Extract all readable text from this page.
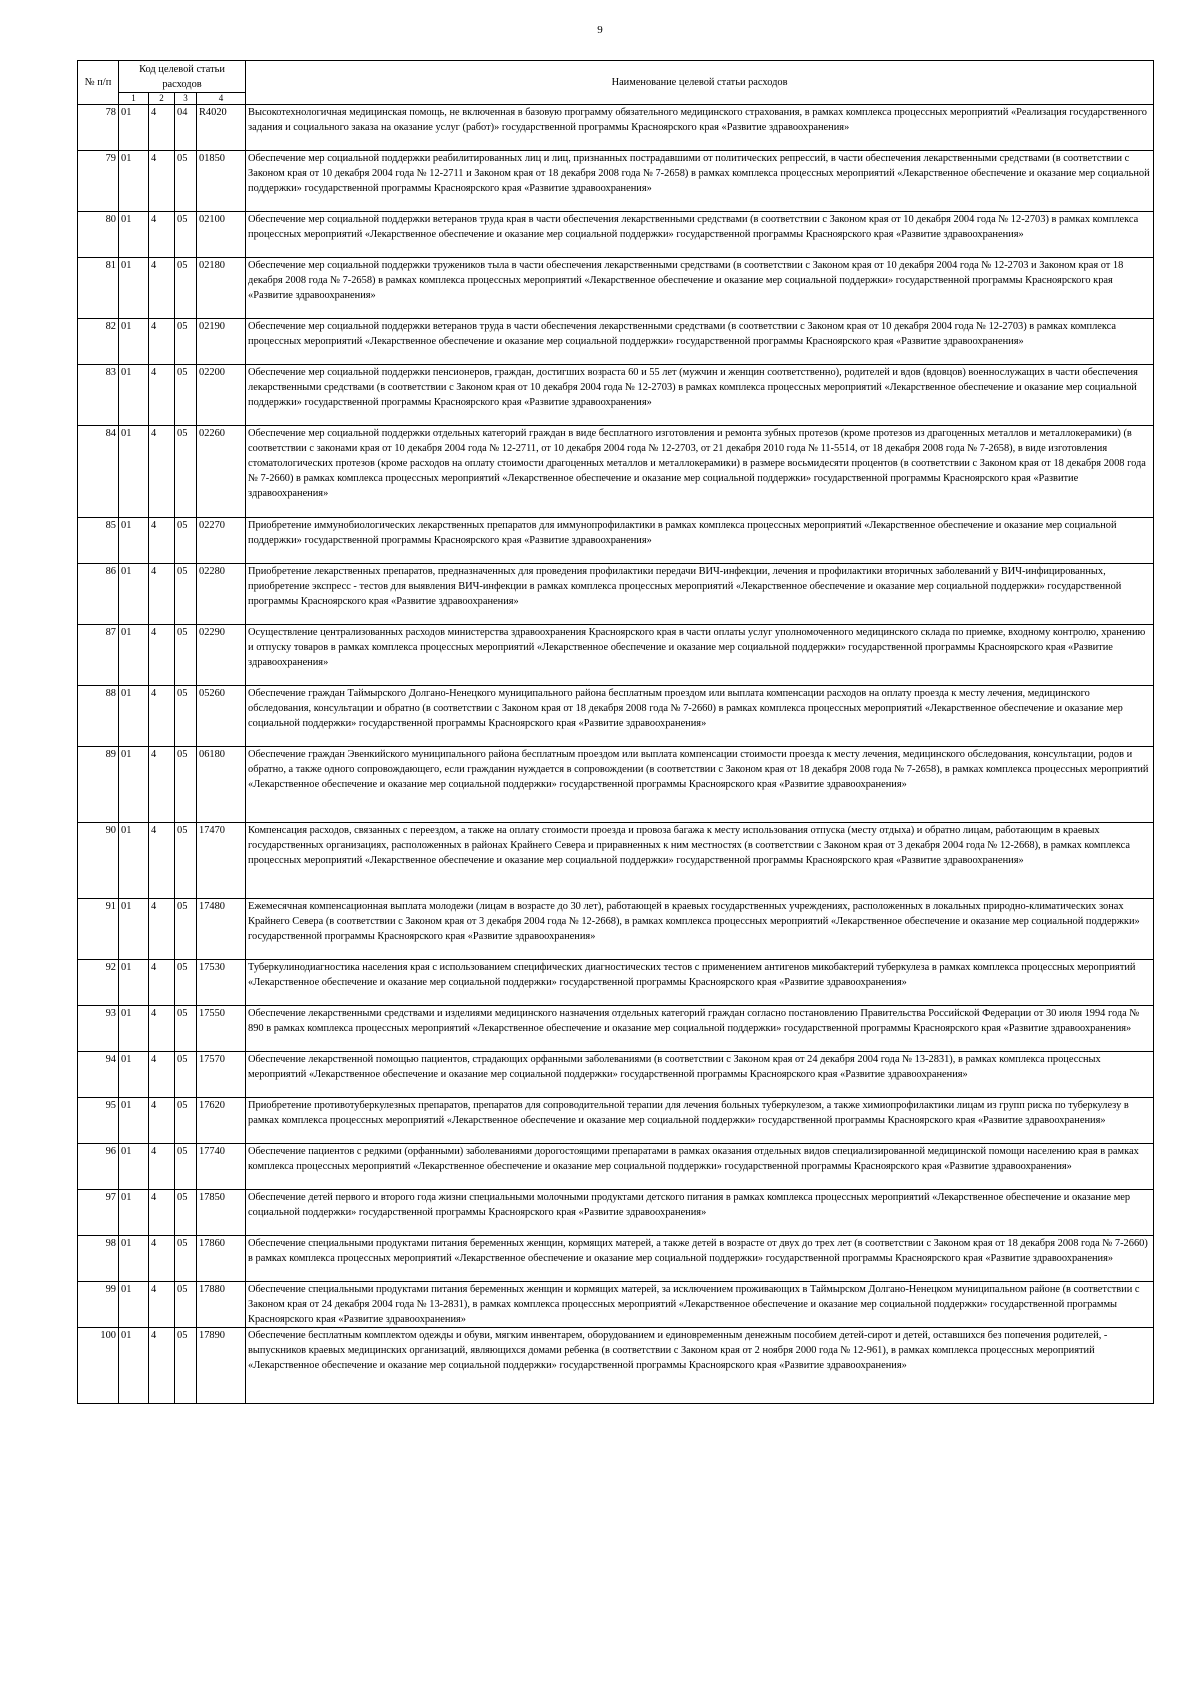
9
№ п/п	Код целевой статьи расходов				Наименование целевой статьи расходов
	1	2	3	4	
78	01	4	04	R4020	Высокотехнологичная медицинская помощь, не включенная в базовую программу обязательного медицинского страхования, в рамках комплекса процессных мероприятий «Реализация государственного задания и социального заказа на оказание услуг (работ)» государственной программы Красноярского края «Развитие здравоохранения»
79	01	4	05	01850	Обеспечение мер социальной поддержки реабилитированных лиц и лиц, признанных пострадавшими от политических репрессий, в части обеспечения лекарственными средствами (в соответствии с Законом края от 10 декабря 2004 года № 12-2711 и Законом края от 18 декабря 2008 года № 7-2658) в рамках комплекса процессных мероприятий «Лекарственное обеспечение и оказание мер социальной поддержки» государственной программы Красноярского края «Развитие здравоохранения»
80	01	4	05	02100	Обеспечение мер социальной поддержки ветеранов труда края в части обеспечения лекарственными средствами (в соответствии с Законом края от 10 декабря 2004 года № 12-2703) в рамках комплекса процессных мероприятий «Лекарственное обеспечение и оказание мер социальной поддержки» государственной программы Красноярского края «Развитие здравоохранения»
81	01	4	05	02180	Обеспечение мер социальной поддержки тружеников тыла в части обеспечения лекарственными средствами (в соответствии с Законом края от 10 декабря 2004 года № 12-2703 и Законом края от 18 декабря 2008 года № 7-2658) в рамках комплекса процессных мероприятий «Лекарственное обеспечение и оказание мер социальной поддержки» государственной программы Красноярского края «Развитие здравоохранения»
82	01	4	05	02190	Обеспечение мер социальной поддержки ветеранов труда в части обеспечения лекарственными средствами (в соответствии с Законом края от 10 декабря 2004 года № 12-2703) в рамках комплекса процессных мероприятий «Лекарственное обеспечение и оказание мер социальной поддержки» государственной программы Красноярского края «Развитие здравоохранения»
83	01	4	05	02200	Обеспечение мер социальной поддержки пенсионеров, граждан, достигших возраста 60 и 55 лет (мужчин и женщин соответственно), родителей и вдов (вдовцов) военнослужащих в части обеспечения лекарственными средствами (в соответствии с Законом края от 10 декабря 2004 года № 12-2703) в рамках комплекса процессных мероприятий «Лекарственное обеспечение и оказание мер социальной поддержки» государственной программы Красноярского края «Развитие здравоохранения»
84	01	4	05	02260	Обеспечение мер социальной поддержки отдельных категорий граждан в виде бесплатного изготовления и ремонта зубных протезов (кроме протезов из драгоценных металлов и металлокерамики) (в соответствии с законами края от 10 декабря 2004 года № 12-2711, от 10 декабря 2004 года № 12-2703, от 21 декабря 2010 года № 11-5514, от 18 декабря 2008 года № 7-2658), в виде изготовления стоматологических протезов (кроме расходов на оплату стоимости драгоценных металлов и металлокерамики) в размере восьмидесяти процентов (в соответствии с Законом края от 18 декабря 2008 года № 7-2660) в рамках комплекса процессных мероприятий «Лекарственное обеспечение и оказание мер социальной поддержки» государственной программы Красноярского края «Развитие здравоохранения»
85	01	4	05	02270	Приобретение иммунобиологических лекарственных препаратов для иммунопрофилактики в рамках комплекса процессных мероприятий «Лекарственное обеспечение и оказание мер социальной поддержки» государственной программы Красноярского края «Развитие здравоохранения»
86	01	4	05	02280	Приобретение лекарственных препаратов, предназначенных для проведения профилактики передачи ВИЧ-инфекции, лечения и профилактики вторичных заболеваний у ВИЧ-инфицированных, приобретение экспресс - тестов для выявления ВИЧ-инфекции в рамках комплекса процессных мероприятий «Лекарственное обеспечение и оказание мер социальной поддержки» государственной программы Красноярского края «Развитие здравоохранения»
87	01	4	05	02290	Осуществление централизованных расходов министерства здравоохранения Красноярского края в части оплаты услуг уполномоченного медицинского склада по приемке, входному контролю, хранению и отпуску товаров в рамках комплекса процессных мероприятий «Лекарственное обеспечение и оказание мер социальной поддержки» государственной программы Красноярского края «Развитие здравоохранения»
88	01	4	05	05260	Обеспечение граждан Таймырского Долгано-Ненецкого муниципального района бесплатным проездом или выплата компенсации расходов на оплату проезда к месту лечения, медицинского обследования, консультации и обратно (в соответствии с Законом края от 18 декабря 2008 года № 7-2660) в рамках комплекса процессных мероприятий «Лекарственное обеспечение и оказание мер социальной поддержки» государственной программы Красноярского края «Развитие здравоохранения»
89	01	4	05	06180	Обеспечение граждан Эвенкийского муниципального района бесплатным проездом или выплата компенсации стоимости проезда к месту лечения, медицинского обследования, консультации, родов и обратно, а также одного сопровождающего, если гражданин нуждается в сопровождении (в соответствии с Законом края от 18 декабря 2008 года № 7-2658), в рамках комплекса процессных мероприятий «Лекарственное обеспечение и оказание мер социальной поддержки» государственной программы Красноярского края «Развитие здравоохранения»
90	01	4	05	17470	Компенсация расходов, связанных с переездом, а также на оплату стоимости проезда и провоза багажа к месту использования отпуска (месту отдыха) и обратно лицам, работающим в краевых государственных организациях, расположенных в районах Крайнего Севера и приравненных к ним местностях (в соответствии с Законом края от 3 декабря 2004 года № 12-2668), в рамках комплекса процессных мероприятий «Лекарственное обеспечение и оказание мер социальной поддержки» государственной программы Красноярского края «Развитие здравоохранения»
91	01	4	05	17480	Ежемесячная компенсационная выплата молодежи (лицам в возрасте до 30 лет), работающей в краевых государственных учреждениях, расположенных в локальных природно-климатических зонах Крайнего Севера (в соответствии с Законом края от 3 декабря 2004 года № 12-2668), в рамках комплекса процессных мероприятий «Лекарственное обеспечение и оказание мер социальной поддержки» государственной программы Красноярского края «Развитие здравоохранения»
92	01	4	05	17530	Туберкулинодиагностика населения края с использованием специфических диагностических тестов с применением антигенов микобактерий туберкулеза в рамках комплекса процессных мероприятий «Лекарственное обеспечение и оказание мер социальной поддержки» государственной программы Красноярского края «Развитие здравоохранения»
93	01	4	05	17550	Обеспечение лекарственными средствами и изделиями медицинского назначения отдельных категорий граждан согласно постановлению Правительства Российской Федерации от 30 июля 1994 года № 890 в рамках комплекса процессных мероприятий «Лекарственное обеспечение и оказание мер социальной поддержки» государственной программы Красноярского края «Развитие здравоохранения»
94	01	4	05	17570	Обеспечение лекарственной помощью пациентов, страдающих орфанными заболеваниями (в соответствии с Законом края от 24 декабря 2004 года № 13-2831), в рамках комплекса процессных мероприятий «Лекарственное обеспечение и оказание мер социальной поддержки» государственной программы Красноярского края «Развитие здравоохранения»
95	01	4	05	17620	Приобретение противотуберкулезных препаратов, препаратов для сопроводительной терапии для лечения больных туберкулезом, а также химиопрофилактики лицам из групп риска по туберкулезу в рамках комплекса процессных мероприятий «Лекарственное обеспечение и оказание мер социальной поддержки» государственной программы Красноярского края «Развитие здравоохранения»
96	01	4	05	17740	Обеспечение пациентов с редкими (орфанными) заболеваниями дорогостоящими препаратами в рамках оказания отдельных видов специализированной медицинской помощи населению края в рамках комплекса процессных мероприятий «Лекарственное обеспечение и оказание мер социальной поддержки» государственной программы Красноярского края «Развитие здравоохранения»
97	01	4	05	17850	Обеспечение детей первого и второго года жизни специальными молочными продуктами детского питания в рамках комплекса процессных мероприятий «Лекарственное обеспечение и оказание мер социальной поддержки» государственной программы Красноярского края «Развитие здравоохранения»
98	01	4	05	17860	Обеспечение специальными продуктами питания беременных женщин, кормящих матерей, а также детей в возрасте от двух до трех лет (в соответствии с Законом края от 18 декабря 2008 года № 7-2660) в рамках комплекса процессных мероприятий «Лекарственное обеспечение и оказание мер социальной поддержки» государственной программы Красноярского края «Развитие здравоохранения»
99	01	4	05	17880	Обеспечение специальными продуктами питания беременных женщин и кормящих матерей, за исключением проживающих в Таймырском Долгано-Ненецком муниципальном районе (в соответствии с Законом края от 24 декабря 2004 года № 13-2831), в рамках комплекса процессных мероприятий «Лекарственное обеспечение и оказание мер социальной поддержки» государственной программы Красноярского края «Развитие здравоохранения»
100	01	4	05	17890	Обеспечение бесплатным комплектом одежды и обуви, мягким инвентарем, оборудованием и единовременным денежным пособием детей-сирот и детей, оставшихся без попечения родителей, - выпускников краевых медицинских организаций, являющихся домами ребенка (в соответствии с Законом края от 2 ноября 2000 года № 12-961), в рамках комплекса процессных мероприятий «Лекарственное обеспечение и оказание мер социальной поддержки» государственной программы Красноярского края «Развитие здравоохранения»
